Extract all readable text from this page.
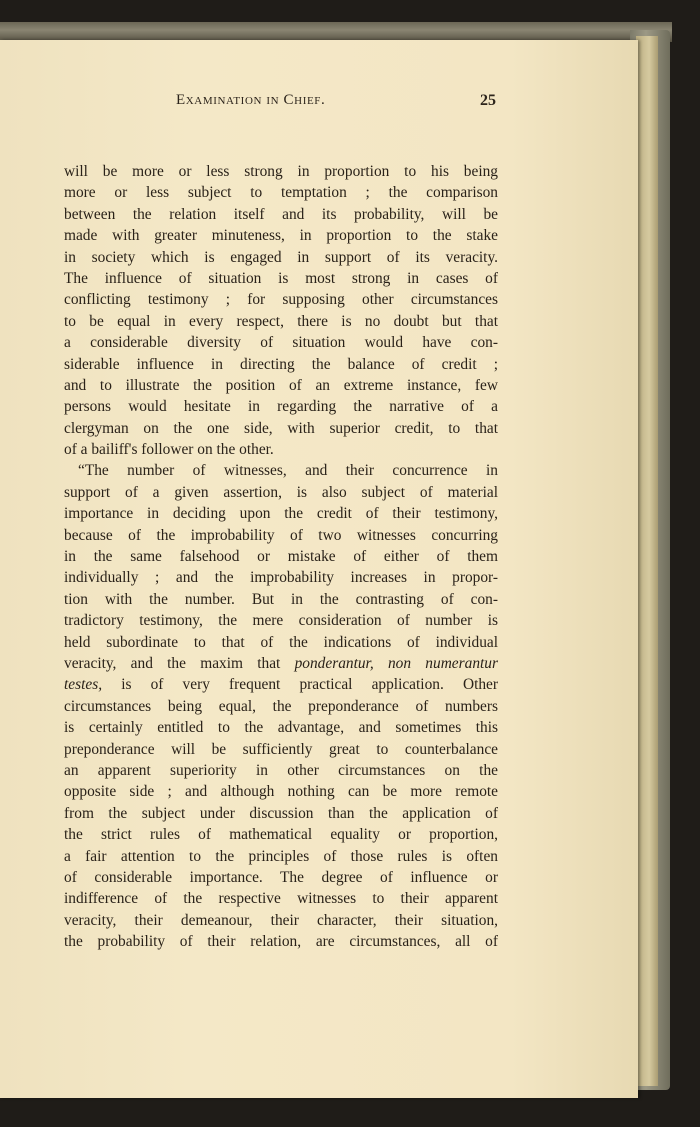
Examination in Chief.	25
will be more or less strong in proportion to his being
more or less subject to temptation ; the comparison
between the relation itself and its probability, will be
made with greater minuteness, in proportion to the stake
in society which is engaged in support of its veracity.
The influence of situation is most strong in cases of
conflicting testimony ; for supposing other circumstances
to be equal in every respect, there is no doubt but that
a considerable diversity of situation would have con-
siderable influence in directing the balance of credit ;
and to illustrate the position of an extreme instance, few
persons would hesitate in regarding the narrative of a
clergyman on the one side, with superior credit, to that
of a bailiff's follower on the other.
“The number of witnesses, and their concurrence in
support of a given assertion, is also subject of material
importance in deciding upon the credit of their testimony,
because of the improbability of two witnesses concurring
in the same falsehood or mistake of either of them
individually ; and the improbability increases in propor-
tion with the number. But in the contrasting of con-
tradictory testimony, the mere consideration of number is
held subordinate to that of the indications of individual
veracity, and the maxim that ponderantur, non numerantur
testes, is of very frequent practical application. Other
circumstances being equal, the preponderance of numbers
is certainly entitled to the advantage, and sometimes this
preponderance will be sufficiently great to counterbalance
an apparent superiority in other circumstances on the
opposite side ; and although nothing can be more remote
from the subject under discussion than the application of
the strict rules of mathematical equality or proportion,
a fair attention to the principles of those rules is often
of considerable importance. The degree of influence or
indifference of the respective witnesses to their apparent
veracity, their demeanour, their character, their situation,
the probability of their relation, are circumstances, all of
